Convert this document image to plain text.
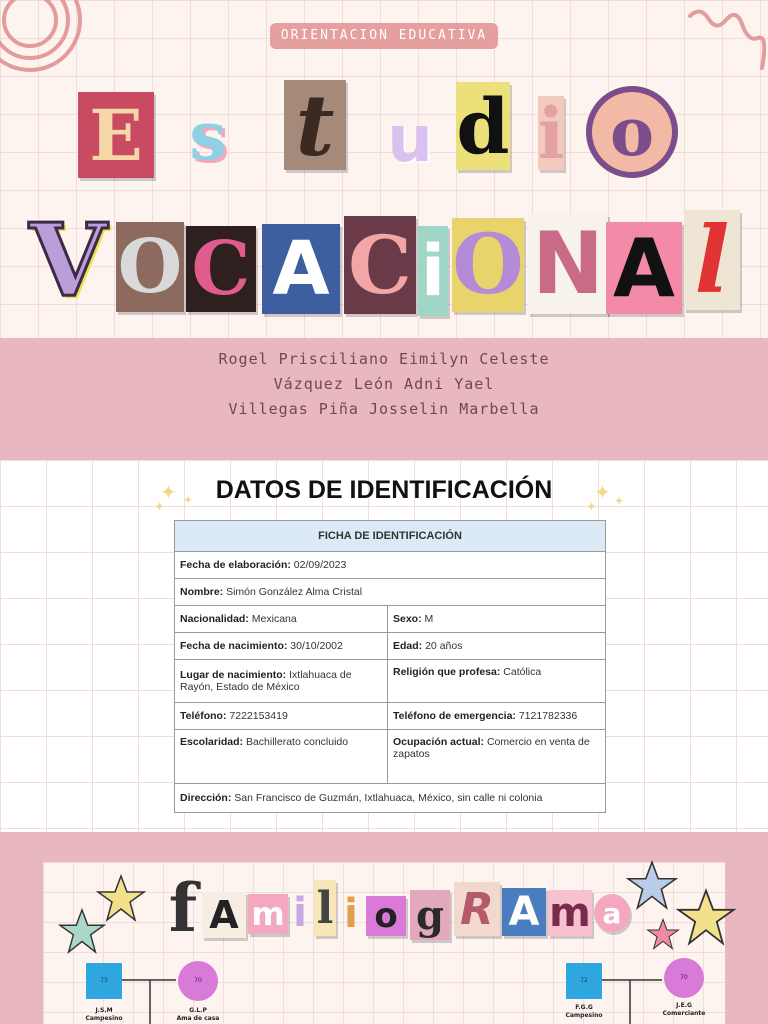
ORIENTACION EDUCATIVA
E s t u d i o
V O C A C i O N A l
Rogel Prisciliano Eimilyn Celeste
Vázquez León Adni Yael
Villegas Piña Josselin Marbella
✦
✦ ✦	✦ ✦
✦
DATOS DE IDENTIFICACIÓN
FICHA DE IDENTIFICACIÓN	
Fecha de elaboración: 02/09/2023	
Nombre: Simón González Alma Cristal	
Nacionalidad: Mexicana	Sexo: M
Fecha de nacimiento: 30/10/2002	Edad: 20 años
Lugar de nacimiento: Ixtlahuaca de Rayón, Estado de México	Religión que profesa: Católica
Teléfono: 7222153419	Teléfono de emergencia: 7121782336
Escolaridad: Bachillerato concluido	Ocupación actual: Comercio en venta de zapatos
Dirección: San Francisco de Guzmán, Ixtlahuaca, México, sin calle ni colonia	
f A m i l i o g R A m a
73
J.S.M
Campesino
70
G.L.P
Ama de casa
72
F.G.G
Campesino
70
J.E.G
Comerciante
